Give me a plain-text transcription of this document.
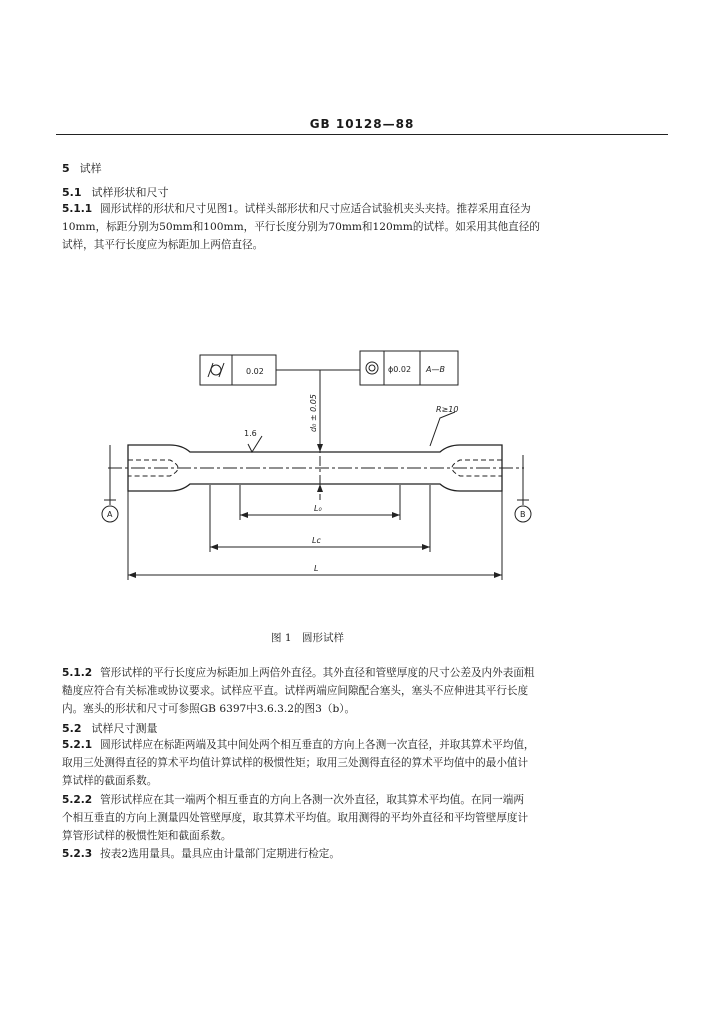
GB 10128—88
5 试样
5.1 试样形状和尺寸
5.1.1 圆形试样的形状和尺寸见图1。试样头部形状和尺寸应适合试验机夹头夹持。推荐采用直径为
10mm，标距分别为50mm和100mm，平行长度分别为70mm和120mm的试样。如采用其他直径的
试样，其平行长度应为标距加上两倍直径。
0.02	ϕ0.02 A—B
R≥10
1.6
d₀ ± 0.05
A	B
L₀
Lc
L
图 1　圆形试样
5.1.2 管形试样的平行长度应为标距加上两倍外直径。其外直径和管壁厚度的尺寸公差及内外表面粗
糙度应符合有关标准或协议要求。试样应平直。试样两端应间隙配合塞头，塞头不应伸进其平行长度
内。塞头的形状和尺寸可参照GB 6397中3.6.3.2的图3（b）。
5.2 试样尺寸测量
5.2.1 圆形试样应在标距两端及其中间处两个相互垂直的方向上各测一次直径，并取其算术平均值，
取用三处测得直径的算术平均值计算试样的极惯性矩；取用三处测得直径的算术平均值中的最小值计
算试样的截面系数。
5.2.2 管形试样应在其一端两个相互垂直的方向上各测一次外直径，取其算术平均值。在同一端两
个相互垂直的方向上测量四处管壁厚度，取其算术平均值。取用测得的平均外直径和平均管壁厚度计
算管形试样的极惯性矩和截面系数。
5.2.3 按表2选用量具。量具应由计量部门定期进行检定。
